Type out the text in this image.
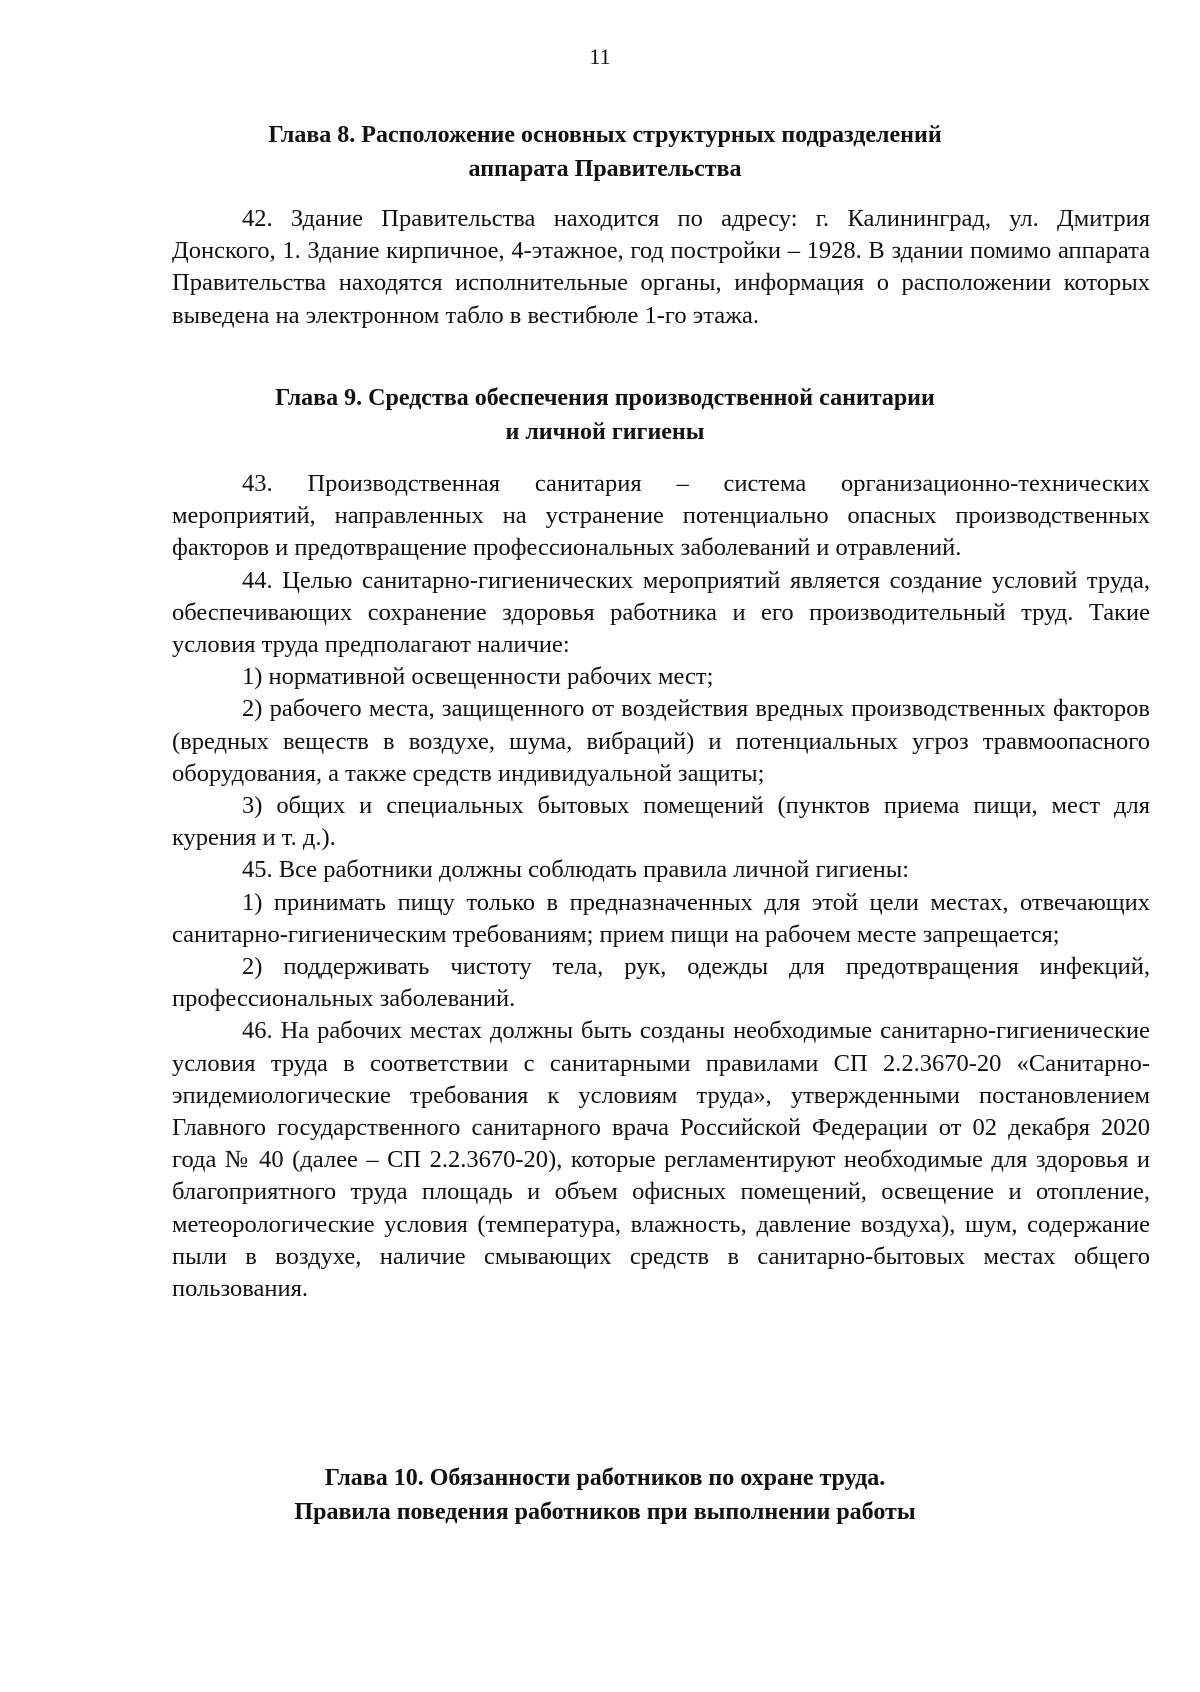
11
Глава 8. Расположение основных структурных подразделений
аппарата Правительства

42. Здание Правительства находится по адресу: г. Калининград, ул. Дмитрия Донского, 1. Здание кирпичное, 4-этажное, год постройки – 1928. В здании помимо аппарата Правительства находятся исполнительные органы, информация о расположении которых выведена на электронном табло в вестибюле 1-го этажа.

Глава 9. Средства обеспечения производственной санитарии
и личной гигиены

43. Производственная санитария – система организационно-технических мероприятий, направленных на устранение потенциально опасных производственных факторов и предотвращение профессиональных заболеваний и отравлений.

44. Целью санитарно-гигиенических мероприятий является создание условий труда, обеспечивающих сохранение здоровья работника и его производительный труд. Такие условия труда предполагают наличие:

1) нормативной освещенности рабочих мест;

2) рабочего места, защищенного от воздействия вредных производственных факторов (вредных веществ в воздухе, шума, вибраций) и потенциальных угроз травмоопасного оборудования, а также средств индивидуальной защиты;

3) общих и специальных бытовых помещений (пунктов приема пищи, мест для курения и т. д.).

45. Все работники должны соблюдать правила личной гигиены:

1) принимать пищу только в предназначенных для этой цели местах, отвечающих санитарно-гигиеническим требованиям; прием пищи на рабочем месте запрещается;

2) поддерживать чистоту тела, рук, одежды для предотвращения инфекций, профессиональных заболеваний.

46. На рабочих местах должны быть созданы необходимые санитарно-гигиенические условия труда в соответствии с санитарными правилами СП 2.2.3670-20 «Санитарно-эпидемиологические требования к условиям труда», утвержденными постановлением Главного государственного санитарного врача Российской Федерации от 02 декабря 2020 года № 40 (далее – СП 2.2.3670-20), которые регламентируют необходимые для здоровья и благоприятного труда площадь и объем офисных помещений, освещение и отопление, метеорологические условия (температура, влажность, давление воздуха), шум, содержание пыли в воздухе, наличие смывающих средств в санитарно-бытовых местах общего пользования.

Глава 10. Обязанности работников по охране труда.
Правила поведения работников при выполнении работы
